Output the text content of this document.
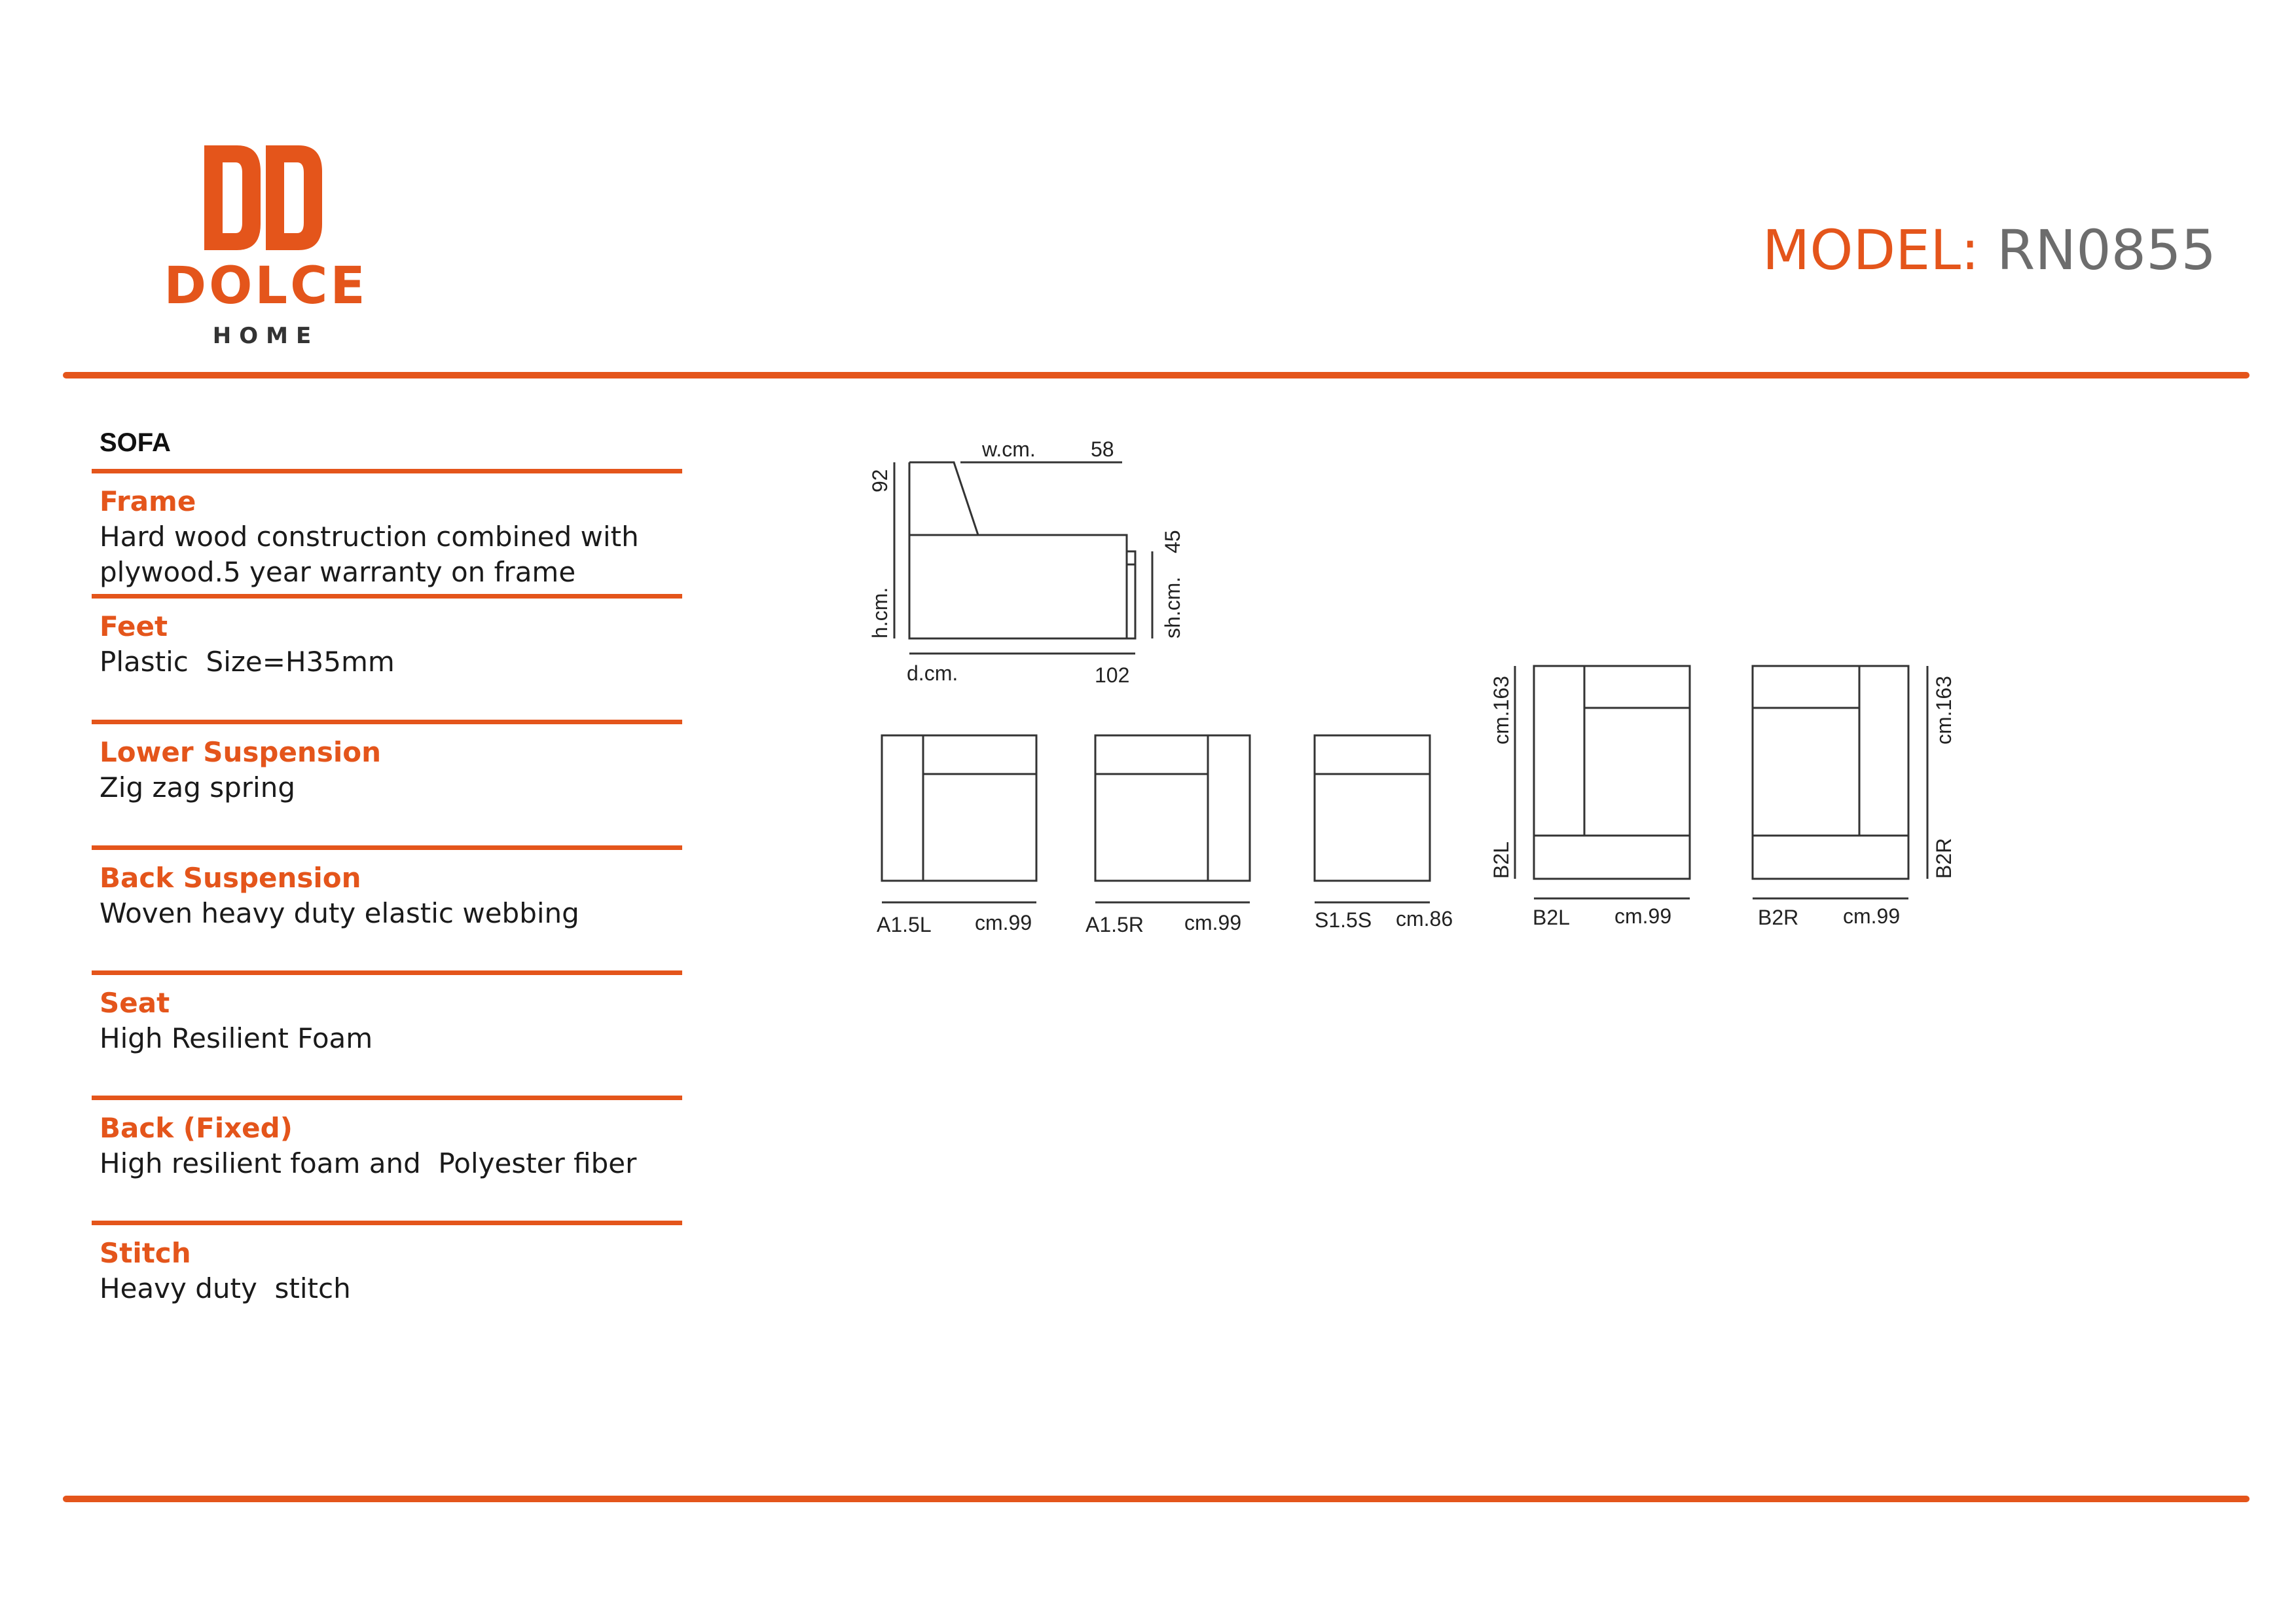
DOLCE
HOME
MODEL: RN0855
SOFA
Frame
Hard wood construction combined with
plywood.5 year warranty on frame
Feet
Plastic  Size=H35mm
Lower Suspension
Zig zag spring
Back Suspension
Woven heavy duty elastic webbing
Seat
High Resilient Foam
Back (Fixed)
High resilient foam and  Polyester fiber
Stitch
Heavy duty  stitch
w.cm.	58
d.cm.	102
h.cm.
92
sh.cm.
45
A1.5L cm.99	A1.5R cm.99	S1.5S cm.86	B2L cm.99	B2R cm.99
B2L
cm.163
B2R
cm.163
